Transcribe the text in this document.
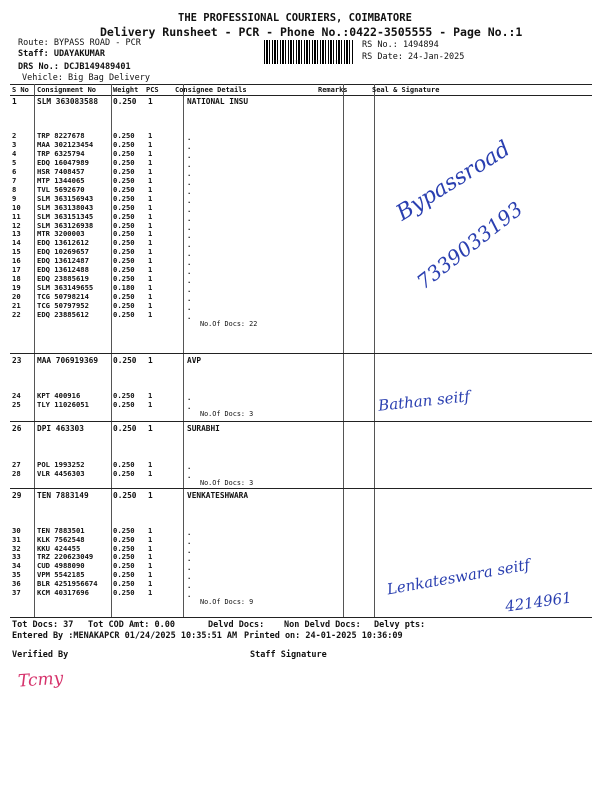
THE PROFESSIONAL COURIERS, COIMBATORE
Delivery Runsheet - PCR - Phone No.:0422-3505555 - Page No.:1
Route: BYPASS ROAD - PCR
Staff: UDAYAKUMAR
DRS No.: DCJB149489401
Vehicle: Big Bag Delivery
RS No.: 1494894
RS Date: 24-Jan-2025
S No Consignment No Weight PCS Consignee Details	Remarks	Seal & Signature
1	SLM 363083588 0.250 1	NATIONAL INSU
2	TRP 8227678	0.250 1	.
3	MAA 302123454	0.250 1	.
4	TRP 6325794	0.250 1	.
5	EDQ 16047989	0.250 1	.
6	HSR 7408457	0.250 1	.
7	MTP 1344065	0.250 1	.
8	TVL 5692670	0.250 1	.
9	SLM 363156943	0.250 1	.
10 SLM 363138043	0.250 1	.
11 SLM 363151345	0.250 1	.
12 SLM 363126938	0.250 1	.
13 MTR 3200003	0.250 1	.
14 EDQ 13612612	0.250 1	.
15 EDQ 10269657	0.250 1	.
16 EDQ 13612487	0.250 1	.
17 EDQ 13612488	0.250 1	.
18 EDQ 23885619	0.250 1	.
19 SLM 363149655	0.180 1	.
20 TCG 50798214	0.250 1	.
21 TCG 50797952	0.250 1	.
22 EDQ 23885612	0.250 1	.
No.Of Docs: 22
23 MAA 706919369 0.250 1	AVP
24 KPT 400916	0.250 1	.
25 TLY 11026051	0.250 1	.
No.Of Docs: 3
26 DPI 463303	0.250 1	SURABHI
27 POL 1993252	0.250 1	.
28 VLR 4456303	0.250 1	.
No.Of Docs: 3
29 TEN 7883149	0.250 1	VENKATESHWARA
30 TEN 7883501	0.250 1	.
31 KLK 7562548	0.250 1	.
32 KKU 424455	0.250 1	.
33 TRZ 220623049	0.250 1	.
34 CUD 4988090	0.250 1	.
35 VPM 5542185	0.250 1	.
36 BLR 4251956674 0.250 1	.
37 KCM 40317696	0.250 1	.
No.Of Docs: 9
Tot Docs: 37 Tot COD Amt: 0.00	Delvd Docs: Non Delvd Docs: Delvy pts:
Entered By :MENAKAPCR 01/24/2025 10:35:51 AM Printed on: 24-01-2025 10:36:09
Verified By	Staff Signature
Bypassroad
7339033193
Bathan seitf
Lenkateswara seitf
4214961
Tcmy
